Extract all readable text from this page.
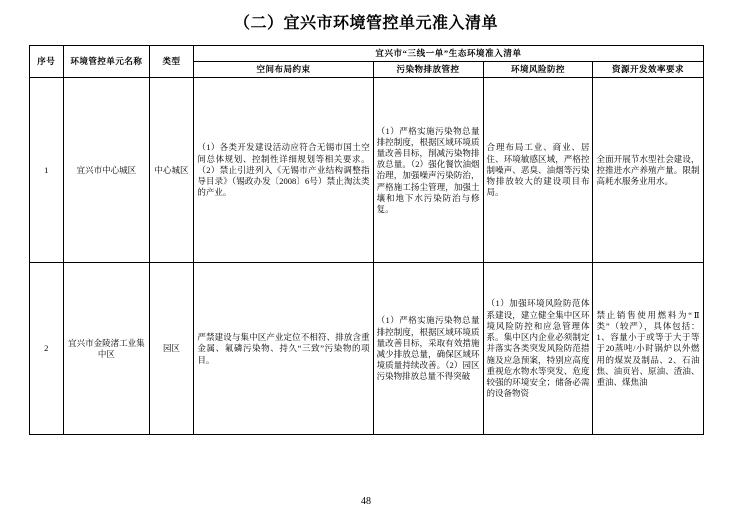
（二）宜兴市环境管控单元准入清单
序号	环境管控单元名称	类型	宜兴市“三线一单”生态环境准入清单			
			空间布局约束	污染物排放管控	环境风险防控	资源开发效率要求
1	宜兴市中心城区	中心城区	（1）各类开发建设活动应符合无锡市国土空间总体规划、控制性详细规划等相关要求。（2）禁止引进列入《无锡市产业结构调整指导目录》（锡政办发〔2008〕6号）禁止淘汰类的产业。	（1）严格实施污染物总量排控制度，根据区域环境质量改善目标，削减污染物排放总量。（2）强化餐饮油烟治理，加强噪声污染防治，严格施工扬尘管理，加强土壤和地下水污染防治与修复。	合理布局工业、商业、居住、环境敏感区域，严格控制噪声、恶臭、油烟等污染物排放较大的建设项目布局。	全面开展节水型社会建设，控推进水产养殖产量。限制高耗水服务业用水。
2	宜兴市金陵渚工业集中区	园区	严禁建设与集中区产业定位不相符、排放含重金属、氟磷污染物、持久“三致”污染物的项目。	（1）严格实施污染物总量排控制度，根据区域环境质量改善目标，采取有效措施减少排放总量，确保区域环境质量持续改善。（2）园区污染物排放总量不得突破	（1）加强环境风险防范体系建设，建立健全集中区环境风险防控和应急管理体系。集中区内企业必须制定并落实各类突发风险防范措施及应急预案，特别应高度重视危水物水等突发、危度较强的环境安全；储备必需的设备物资	禁止销售使用燃料为“Ⅱ类”（较严），具体包括：1、容量小于或等于大于等于20蒸吨/小时锅炉以外燃用的煤炭及制品、2、石油焦、油页岩、原油、渣油、重油、煤焦油
48
